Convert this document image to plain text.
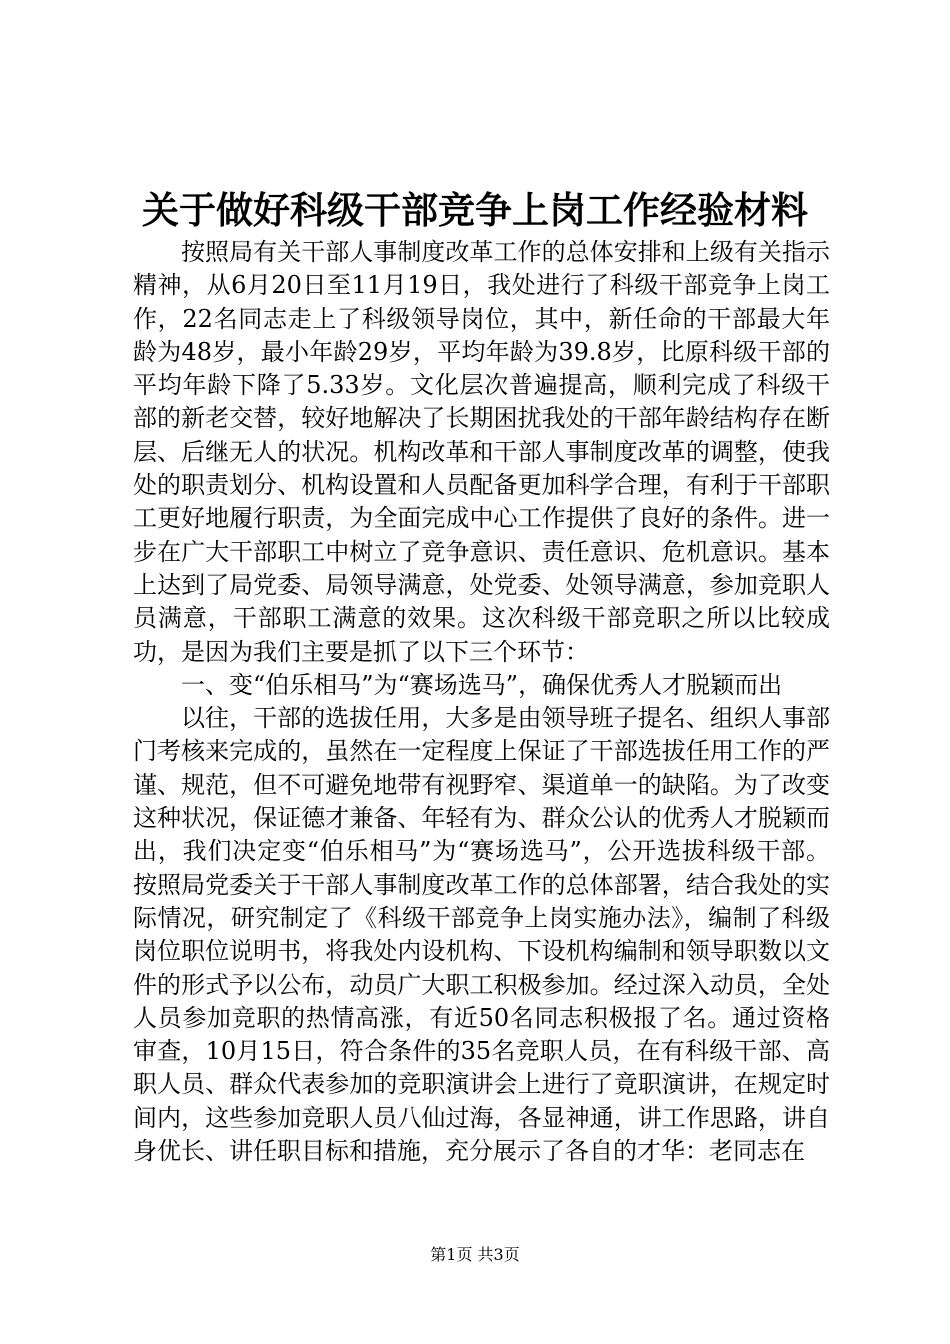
关于做好科级干部竞争上岗工作经验材料

按照局有关干部人事制度改革工作的总体安排和上级有关指示精神，从6月20日至11月19日，我处进行了科级干部竞争上岗工作，22名同志走上了科级领导岗位，其中，新任命的干部最大年龄为48岁，最小年龄29岁，平均年龄为39.8岁，比原科级干部的平均年龄下降了5.33岁。文化层次普遍提高，顺利完成了科级干部的新老交替，较好地解决了长期困扰我处的干部年龄结构存在断层、后继无人的状况。机构改革和干部人事制度改革的调整，使我处的职责划分、机构设置和人员配备更加科学合理，有利于干部职工更好地履行职责，为全面完成中心工作提供了良好的条件。进一步在广大干部职工中树立了竞争意识、责任意识、危机意识。基本上达到了局党委、局领导满意，处党委、处领导满意，参加竞职人员满意，干部职工满意的效果。这次科级干部竞职之所以比较成功，是因为我们主要是抓了以下三个环节：

一、变“伯乐相马”为“赛场选马”，确保优秀人才脱颖而出

以往，干部的选拔任用，大多是由领导班子提名、组织人事部门考核来完成的，虽然在一定程度上保证了干部选拔任用工作的严谨、规范，但不可避免地带有视野窄、渠道单一的缺陷。为了改变这种状况，保证德才兼备、年轻有为、群众公认的优秀人才脱颖而出，我们决定变“伯乐相马”为“赛场选马”，公开选拔科级干部。按照局党委关于干部人事制度改革工作的总体部署，结合我处的实际情况，研究制定了《科级干部竞争上岗实施办法》，编制了科级岗位职位说明书，将我处内设机构、下设机构编制和领导职数以文件的形式予以公布，动员广大职工积极参加。经过深入动员，全处人员参加竞职的热情高涨，有近50名同志积极报了名。通过资格审查，10月15日，符合条件的35名竞职人员，在有科级干部、高职人员、群众代表参加的竞职演讲会上进行了竟职演讲，在规定时间内，这些参加竞职人员八仙过海，各显神通，讲工作思路，讲自身优长、讲任职目标和措施，充分展示了各自的才华：老同志在

第1页 共3页
